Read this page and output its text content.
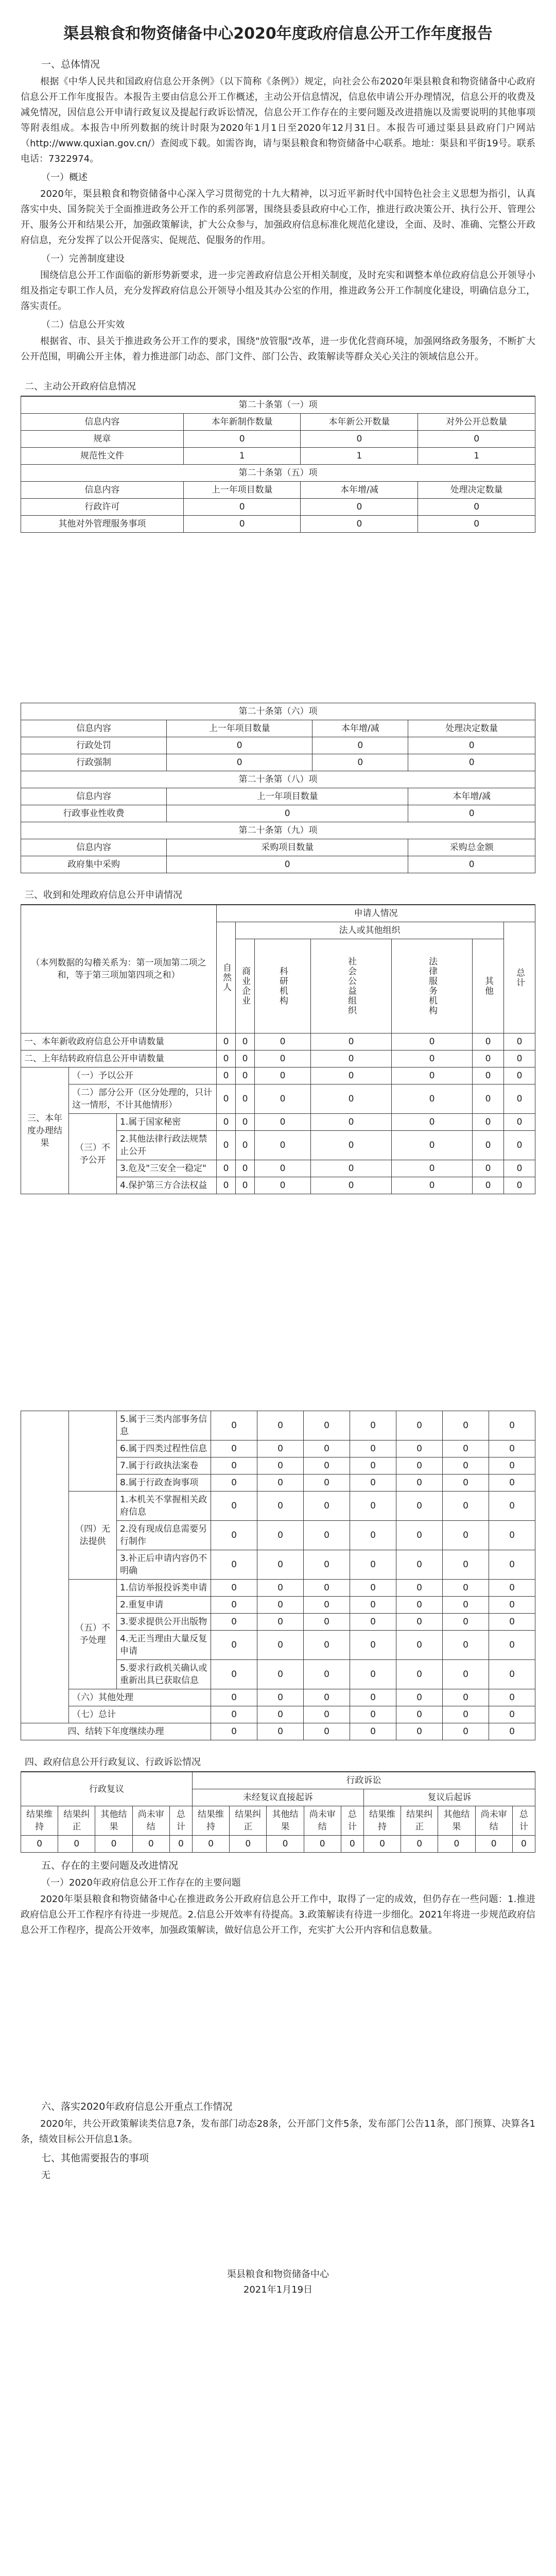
渠县粮食和物资储备中心2020年度政府信息公开工作年度报告
一、总体情况

根据《中华人民共和国政府信息公开条例》（以下简称《条例》）规定，向社会公布2020年渠县粮食和物资储备中心政府信息公开工作年度报告。本报告主要由信息公开工作概述，主动公开信息情况，信息依申请公开办理情况，信息公开的收费及减免情况，因信息公开申请行政复议及提起行政诉讼情况，信息公开工作存在的主要问题及改进措施以及需要说明的其他事项等附表组成。本报告中所列数据的统计时限为2020年1月1日至2020年12月31日。本报告可通过渠县县政府门户网站（http://www.quxian.gov.cn/）查阅或下载。如需咨询，请与渠县粮食和物资储备中心联系。地址：渠县和平街19号。联系电话：7322974。

（一）概述

2020年，渠县粮食和物资储备中心深入学习贯彻党的十九大精神，以习近平新时代中国特色社会主义思想为指引，认真落实中央、国务院关于全面推进政务公开工作的系列部署，围绕县委县政府中心工作，推进行政决策公开、执行公开、管理公开、服务公开和结果公开，加强政策解读，扩大公众参与，加强政府信息标准化规范化建设，全面、及时、准确、完整公开政府信息，充分发挥了以公开促落实、促规范、促服务的作用。

（一）完善制度建设

围绕信息公开工作面临的新形势新要求，进一步完善政府信息公开相关制度，及时充实和调整本单位政府信息公开领导小组及指定专职工作人员，充分发挥政府信息公开领导小组及其办公室的作用，推进政务公开工作制度化建设，明确信息分工，落实责任。

（二）信息公开实效

根据省、市、县关于推进政务公开工作的要求，围绕"放管服"改革，进一步优化营商环境，加强网络政务服务，不断扩大公开范围，明确公开主体，着力推进部门动态、部门文件、部门公告、政策解读等群众关心关注的领域信息公开。

二、主动公开政府信息情况
第二十条第（一）项			
信息内容	本年新制作数量	本年新公开数量	对外公开总数量
规章	0	0	0
规范性文件	1	1	1
第二十条第（五）项			
信息内容	上一年项目数量	本年增/减	处理决定数量
行政许可	0	0	0
其他对外管理服务事项	0	0	0
第二十条第（六）项			
信息内容	上一年项目数量	本年增/减	处理决定数量
行政处罚	0	0	0
行政强制	0	0	0
第二十条第（八）项			
信息内容	上一年项目数量		本年增/减
行政事业性收费	0		0
第二十条第（九）项			
信息内容	采购项目数量		采购总金额
政府集中采购	0		0
三、收到和处理政府信息公开申请情况
（本列数据的勾稽关系为：第一项加第二项之和，等于第三项加第四项之和）			申请人情况						
			自然人	法人或其他组织					总计
				商业企业	科研机构	社会公益组织	法律服务机构	其他	
一、本年新收政府信息公开申请数量			0	0	0	0	0	0	0
二、上年结转政府信息公开申请数量			0	0	0	0	0	0	0
三、本年度办理结果	（一）予以公开		0	0	0	0	0	0	0
	（二）部分公开（区分处理的，只计这一情形，不计其他情形）		0	0	0	0	0	0	0
	（三）不予公开	1.属于国家秘密	0	0	0	0	0	0	0
		2.其他法律行政法规禁止公开	0	0	0	0	0	0	0
		3.危及"三安全一稳定"	0	0	0	0	0	0	0
		4.保护第三方合法权益	0	0	0	0	0	0	0
		5.属于三类内部事务信息	0	0	0	0	0	0	0
		6.属于四类过程性信息	0	0	0	0	0	0	0
		7.属于行政执法案卷	0	0	0	0	0	0	0
		8.属于行政查询事项	0	0	0	0	0	0	0
	（四）无法提供	1.本机关不掌握相关政府信息	0	0	0	0	0	0	0
		2.没有现成信息需要另行制作	0	0	0	0	0	0	0
		3.补正后申请内容仍不明确	0	0	0	0	0	0	0
	（五）不予处理	1.信访举报投诉类申请	0	0	0	0	0	0	0
		2.重复申请	0	0	0	0	0	0	0
		3.要求提供公开出版物	0	0	0	0	0	0	0
		4.无正当理由大量反复申请	0	0	0	0	0	0	0
		5.要求行政机关确认或重新出具已获取信息	0	0	0	0	0	0	0
	（六）其他处理		0	0	0	0	0	0	0
	（七）总计		0	0	0	0	0	0	0
四、结转下年度继续办理			0	0	0	0	0	0	0
四、政府信息公开行政复议、行政诉讼情况
行政复议					行政诉讼									
					未经复议直接起诉					复议后起诉				
结果维持	结果纠正	其他结果	尚未审结	总计	结果维持	结果纠正	其他结果	尚未审结	总计	结果维持	结果纠正	其他结果	尚未审结	总计
0	0	0	0	0	0	0	0	0	0	0	0	0	0	0
五、存在的主要问题及改进情况

（一）2020年政府信息公开工作存在的主要问题

2020年渠县粮食和物资储备中心在推进政务公开政府信息公开工作中，取得了一定的成效，但仍存在一些问题：1.推进政府信息公开工作程序有待进一步规范。2.信息公开效率有待提高。3.政策解读有待进一步细化。2021年将进一步规范政府信息公开工作程序，提高公开效率，加强政策解读，做好信息公开工作，充实扩大公开内容和信息数量。

六、落实2020年政府信息公开重点工作情况

2020年，共公开政策解读类信息7条，发布部门动态28条，公开部门文件5条，发布部门公告11条，部门预算、决算各1条，绩效目标公开信息1条。

七、其他需要报告的事项

无

渠县粮食和物资储备中心
2021年1月19日
